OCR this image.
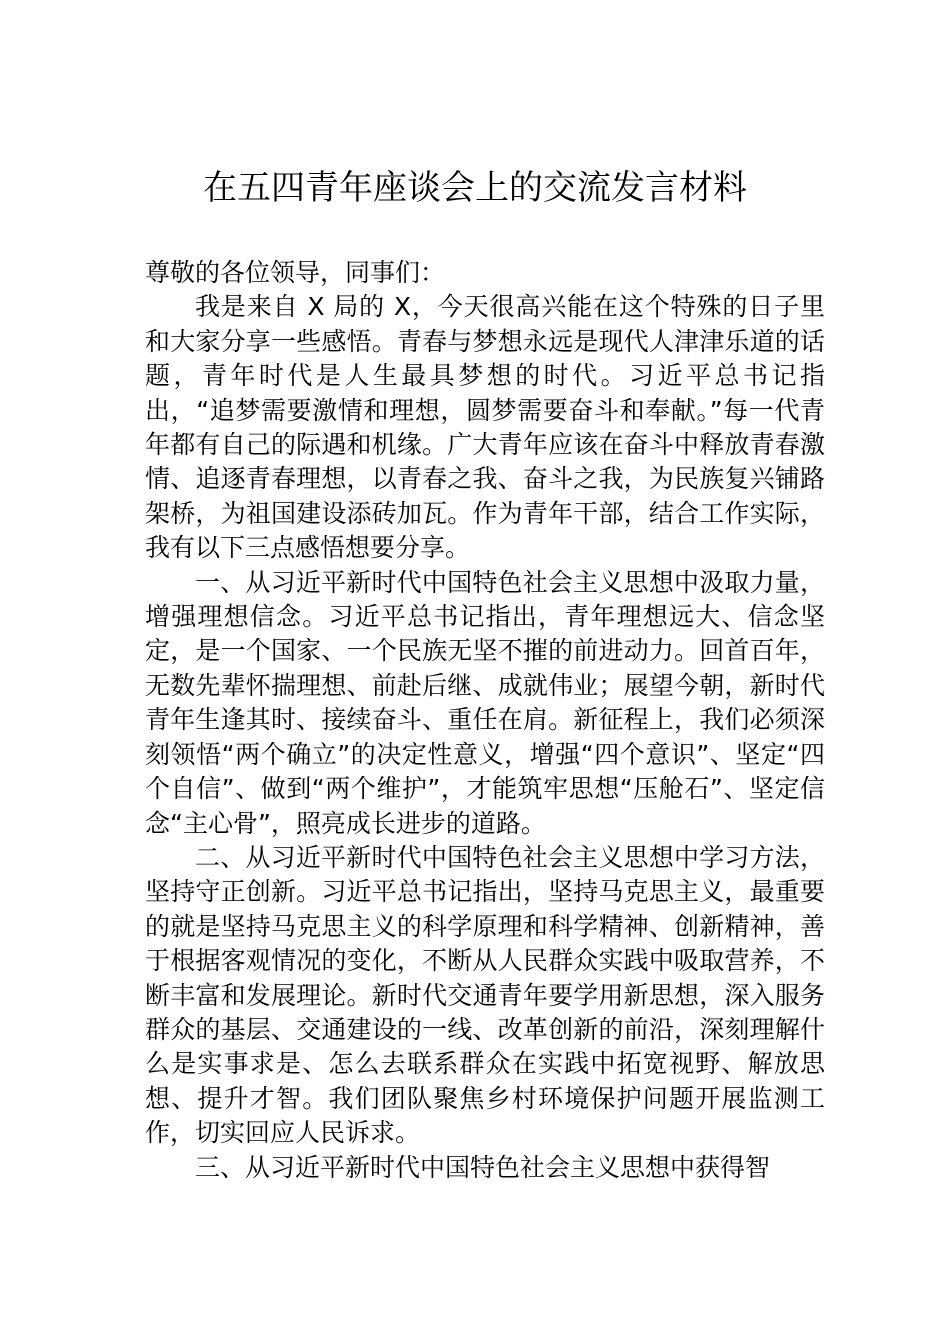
在五四青年座谈会上的交流发言材料

尊敬的各位领导，同事们：

我是来自 X 局的 X，今天很高兴能在这个特殊的日子里和大家分享一些感悟。青春与梦想永远是现代人津津乐道的话题，青年时代是人生最具梦想的时代。习近平总书记指出，“追梦需要激情和理想，圆梦需要奋斗和奉献。”每一代青年都有自己的际遇和机缘。广大青年应该在奋斗中释放青春激情、追逐青春理想，以青春之我、奋斗之我，为民族复兴铺路架桥，为祖国建设添砖加瓦。作为青年干部，结合工作实际，我有以下三点感悟想要分享。

一、从习近平新时代中国特色社会主义思想中汲取力量，增强理想信念。习近平总书记指出，青年理想远大、信念坚定，是一个国家、一个民族无坚不摧的前进动力。回首百年，无数先辈怀揣理想、前赴后继、成就伟业；展望今朝，新时代青年生逢其时、接续奋斗、重任在肩。新征程上，我们必须深刻领悟“两个确立”的决定性意义，增强“四个意识”、坚定“四个自信”、做到“两个维护”，才能筑牢思想“压舱石”、坚定信念“主心骨”，照亮成长进步的道路。

二、从习近平新时代中国特色社会主义思想中学习方法，坚持守正创新。习近平总书记指出，坚持马克思主义，最重要的就是坚持马克思主义的科学原理和科学精神、创新精神，善于根据客观情况的变化，不断从人民群众实践中吸取营养，不断丰富和发展理论。新时代交通青年要学用新思想，深入服务群众的基层、交通建设的一线、改革创新的前沿，深刻理解什么是实事求是、怎么去联系群众在实践中拓宽视野、解放思想、提升才智。我们团队聚焦乡村环境保护问题开展监测工作，切实回应人民诉求。

三、从习近平新时代中国特色社会主义思想中获得智
